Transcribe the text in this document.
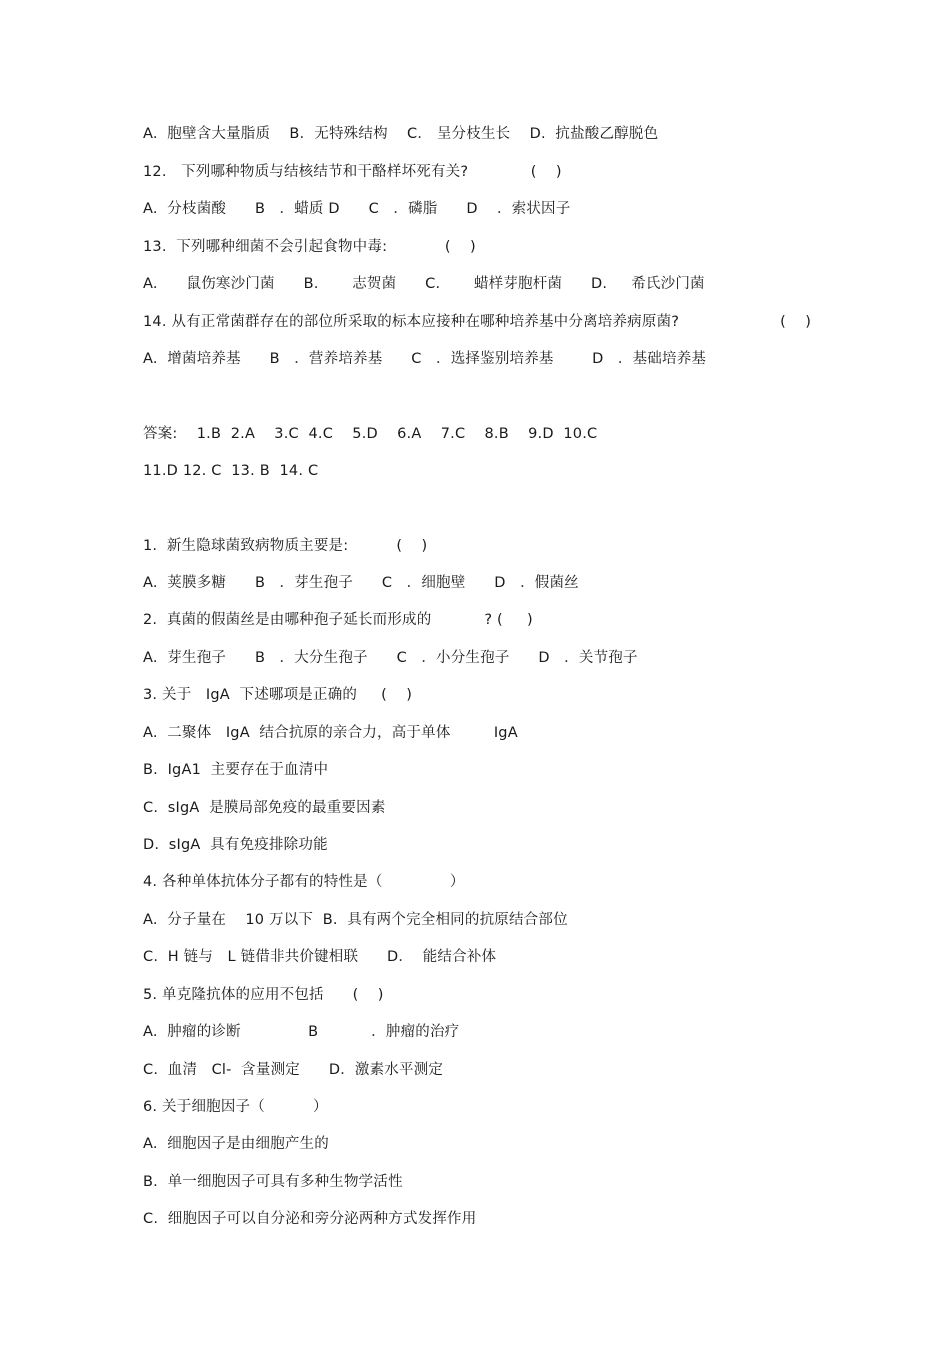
A.  胞壁含大量脂质    B．无特殊结构    C． 呈分枝生长    D.  抗盐酸乙醇脱色
12.   下列哪种物质与结核结节和干酪样坏死有关?             (    )
A.  分枝菌酸      B   ．蜡质 D      C   ．磷脂      D    ．索状因子
13.  下列哪种细菌不会引起食物中毒:            (    )
A.      鼠伤寒沙门菌      B.       志贺菌      C.       蜡样芽胞杆菌      D.     希氏沙门菌
14. 从有正常菌群存在的部位所采取的标本应接种在哪种培养基中分离培养病原菌?                     (    )
A.  增菌培养基      B   ．营养培养基      C   ．选择鉴别培养基        D   ．基础培养基
答案:    1.B  2.A    3.C  4.C    5.D    6.A    7.C    8.B    9.D  10.C
11.D 12. C  13. B  14. C
1.  新生隐球菌致病物质主要是:          (    )
A.  荚膜多糖      B   ．芽生孢子      C   ．细胞壁      D   ．假菌丝
2.  真菌的假菌丝是由哪种孢子延长而形成的           ? (     )
A.  芽生孢子      B   ．大分生孢子      C   ．小分生孢子      D   ．关节孢子
3. 关于   IgA  下述哪项是正确的     (    )
A.  二聚体   IgA  结合抗原的亲合力，高于单体         IgA
B.  IgA1  主要存在于血清中
C.  sIgA  是膜局部免疫的最重要因素
D.  sIgA  具有免疫排除功能
4. 各种单体抗体分子都有的特性是（              ）
A.  分子量在    10 万以下  B.  具有两个完全相同的抗原结合部位
C.  H 链与   L 链借非共价键相联      D．  能结合补体
5. 单克隆抗体的应用不包括      (    )
A.  肿瘤的诊断              B           ．肿瘤的治疗
C.  血清   Cl-  含量测定      D．激素水平测定
6. 关于细胞因子（          ）
A.  细胞因子是由细胞产生的
B.  单一细胞因子可具有多种生物学活性
C.  细胞因子可以自分泌和旁分泌两种方式发挥作用
